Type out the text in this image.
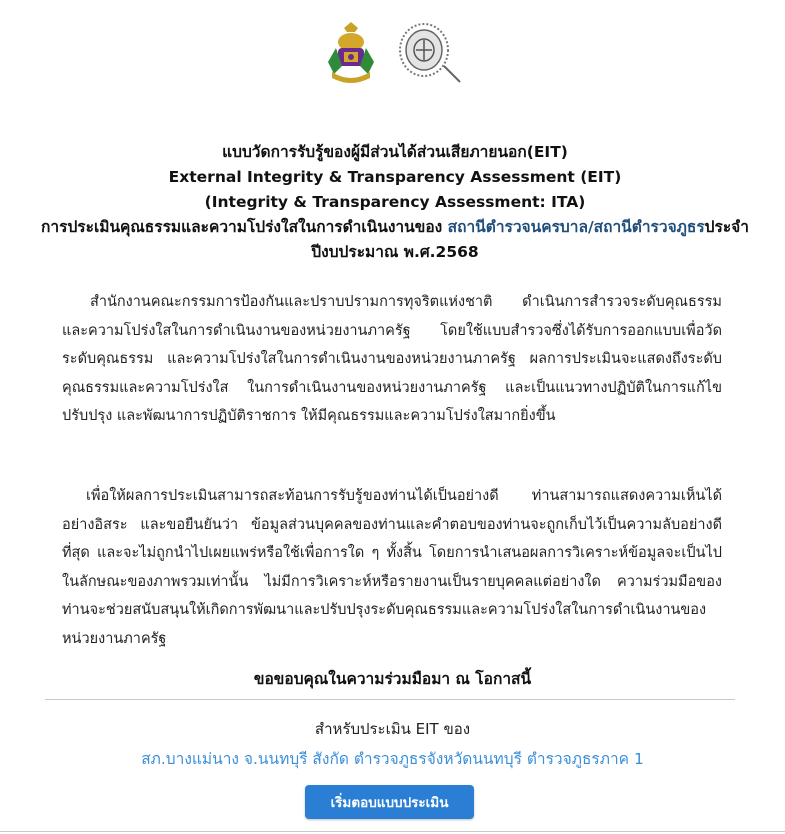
แบบวัดการรับรู้ของผู้มีส่วนได้ส่วนเสียภายนอก(EIT)
External Integrity & Transparency Assessment (EIT)
(Integrity & Transparency Assessment: ITA)
การประเมินคุณธรรมและความโปร่งใสในการดำเนินงานของ สถานีตำรวจนครบาล/สถานีตำรวจภูธรประจำปีงบประมาณ พ.ศ.2568
สำนักงานคณะกรรมการป้องกันและปราบปรามการทุจริตแห่งชาติ ดำเนินการสำรวจระดับคุณธรรม และความโปร่งใสในการดำเนินงานของหน่วยงานภาครัฐ โดยใช้แบบสำรวจซึ่งได้รับการออกแบบเพื่อวัดระดับคุณธรรม และความโปร่งใสในการดำเนินงานของหน่วยงานภาครัฐ ผลการประเมินจะแสดงถึงระดับคุณธรรมและความโปร่งใส ในการดำเนินงานของหน่วยงานภาครัฐ และเป็นแนวทางปฏิบัติในการแก้ไข ปรับปรุง และพัฒนาการปฏิบัติราชการ ให้มีคุณธรรมและความโปร่งใสมากยิ่งขึ้น
เพื่อให้ผลการประเมินสามารถสะท้อนการรับรู้ของท่านได้เป็นอย่างดี ท่านสามารถแสดงความเห็นได้อย่างอิสระ และขอยืนยันว่า ข้อมูลส่วนบุคคลของท่านและคำตอบของท่านจะถูกเก็บไว้เป็นความลับอย่างดีที่สุด และจะไม่ถูกนำไปเผยแพร่หรือใช้เพื่อการใด ๆ ทั้งสิ้น โดยการนำเสนอผลการวิเคราะห์ข้อมูลจะเป็นไปในลักษณะของภาพรวมเท่านั้น ไม่มีการวิเคราะห์หรือรายงานเป็นรายบุคคลแต่อย่างใด ความร่วมมือของท่านจะช่วยสนับสนุนให้เกิดการพัฒนาและปรับปรุงระดับคุณธรรมและความโปร่งใสในการดำเนินงานของหน่วยงานภาครัฐ
ขอขอบคุณในความร่วมมือมา ณ โอกาสนี้
สำหรับประเมิน EIT ของ
สภ.บางแม่นาง จ.นนทบุรี สังกัด ตำรวจภูธรจังหวัดนนทบุรี ตำรวจภูธรภาค 1
เริ่มตอบแบบประเมิน
